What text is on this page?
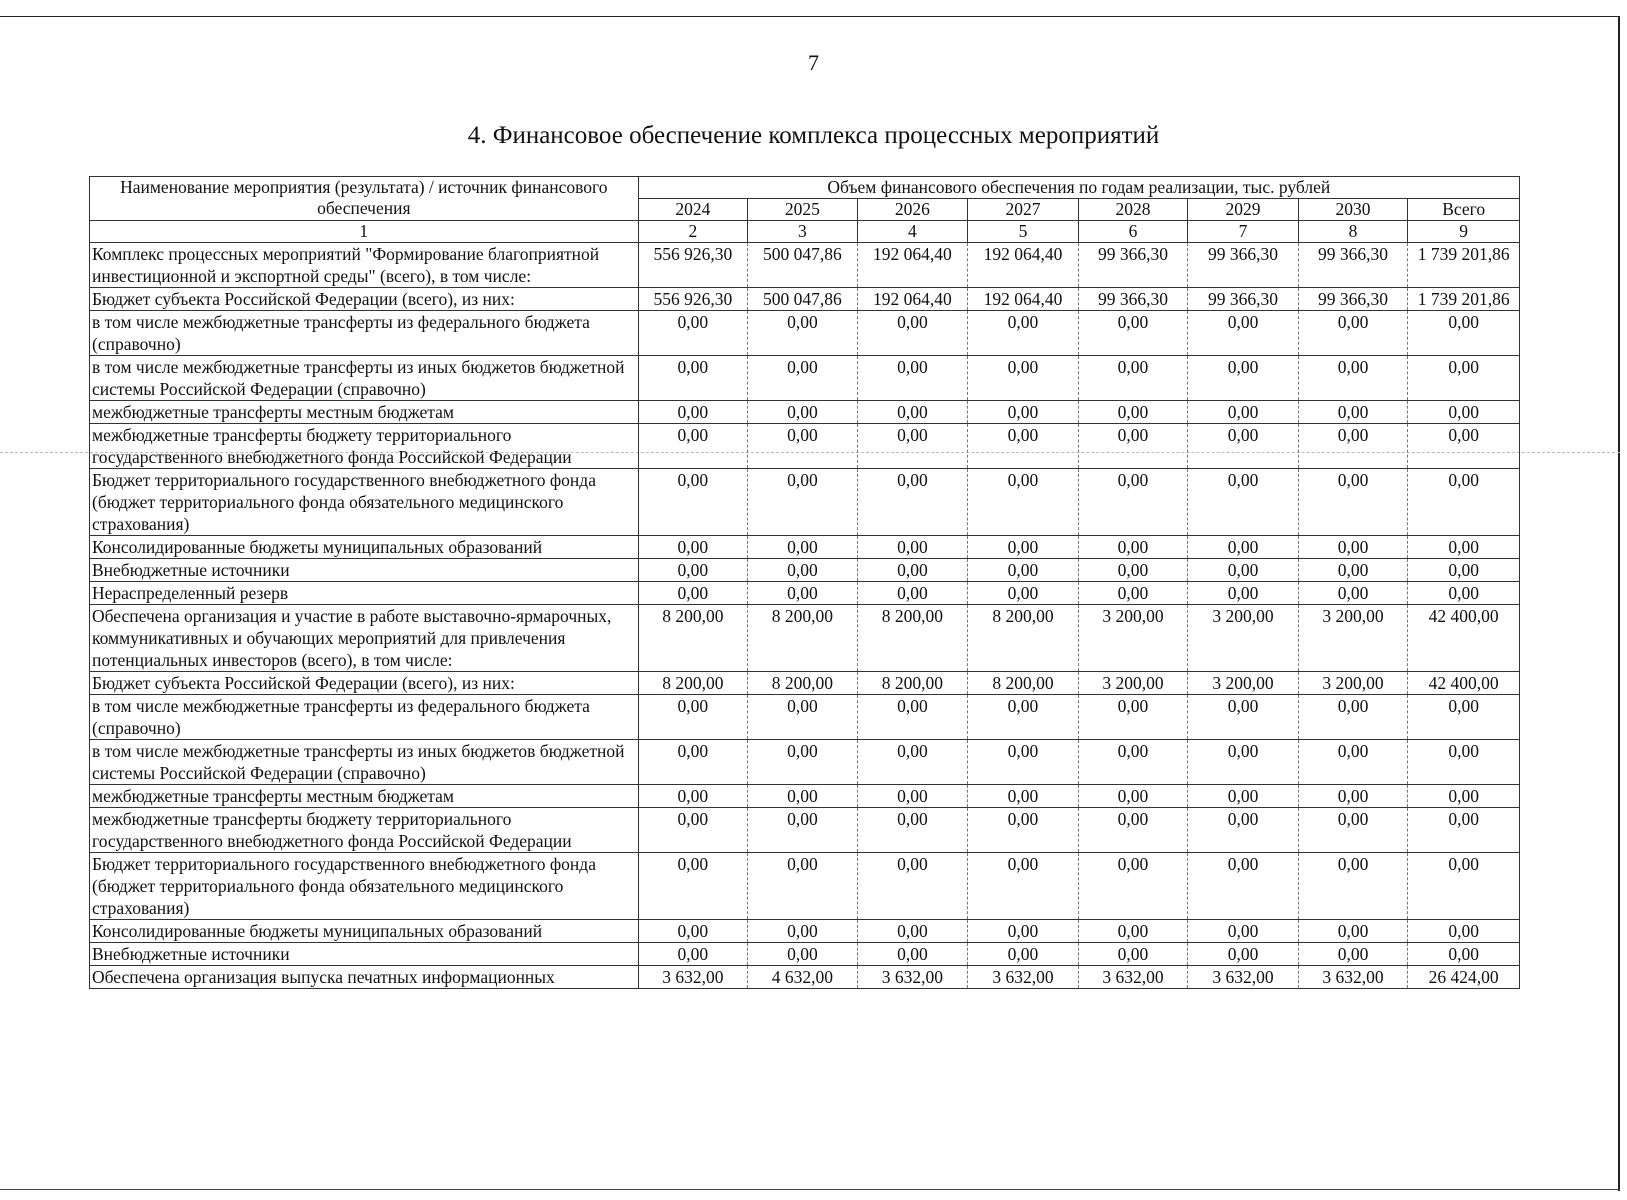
7
4. Финансовое обеспечение комплекса процессных мероприятий
Наименование мероприятия (результата) / источник финансового обеспечения	Объем финансового обеспечения по годам реализации, тыс. рублей							
	2024	2025	2026	2027	2028	2029	2030	Всего
1	2	3	4	5	6	7	8	9
Комплекс процессных мероприятий "Формирование благоприятной инвестиционной и экспортной среды" (всего), в том числе:	556 926,30	500 047,86	192 064,40	192 064,40	99 366,30	99 366,30	99 366,30	1 739 201,86
Бюджет субъекта Российской Федерации (всего), из них:	556 926,30	500 047,86	192 064,40	192 064,40	99 366,30	99 366,30	99 366,30	1 739 201,86
в том числе межбюджетные трансферты из федерального бюджета (справочно)	0,00	0,00	0,00	0,00	0,00	0,00	0,00	0,00
в том числе межбюджетные трансферты из иных бюджетов бюджетной системы Российской Федерации (справочно)	0,00	0,00	0,00	0,00	0,00	0,00	0,00	0,00
межбюджетные трансферты местным бюджетам	0,00	0,00	0,00	0,00	0,00	0,00	0,00	0,00
межбюджетные трансферты бюджету территориального государственного внебюджетного фонда Российской Федерации	0,00	0,00	0,00	0,00	0,00	0,00	0,00	0,00
Бюджет территориального государственного внебюджетного фонда (бюджет территориального фонда обязательного медицинского страхования)	0,00	0,00	0,00	0,00	0,00	0,00	0,00	0,00
Консолидированные бюджеты муниципальных образований	0,00	0,00	0,00	0,00	0,00	0,00	0,00	0,00
Внебюджетные источники	0,00	0,00	0,00	0,00	0,00	0,00	0,00	0,00
Нераспределенный резерв	0,00	0,00	0,00	0,00	0,00	0,00	0,00	0,00
Обеспечена организация и участие в работе выставочно-ярмарочных, коммуникативных и обучающих мероприятий для привлечения потенциальных инвесторов (всего), в том числе:	8 200,00	8 200,00	8 200,00	8 200,00	3 200,00	3 200,00	3 200,00	42 400,00
Бюджет субъекта Российской Федерации (всего), из них:	8 200,00	8 200,00	8 200,00	8 200,00	3 200,00	3 200,00	3 200,00	42 400,00
в том числе межбюджетные трансферты из федерального бюджета (справочно)	0,00	0,00	0,00	0,00	0,00	0,00	0,00	0,00
в том числе межбюджетные трансферты из иных бюджетов бюджетной системы Российской Федерации (справочно)	0,00	0,00	0,00	0,00	0,00	0,00	0,00	0,00
межбюджетные трансферты местным бюджетам	0,00	0,00	0,00	0,00	0,00	0,00	0,00	0,00
межбюджетные трансферты бюджету территориального государственного внебюджетного фонда Российской Федерации	0,00	0,00	0,00	0,00	0,00	0,00	0,00	0,00
Бюджет территориального государственного внебюджетного фонда (бюджет территориального фонда обязательного медицинского страхования)	0,00	0,00	0,00	0,00	0,00	0,00	0,00	0,00
Консолидированные бюджеты муниципальных образований	0,00	0,00	0,00	0,00	0,00	0,00	0,00	0,00
Внебюджетные источники	0,00	0,00	0,00	0,00	0,00	0,00	0,00	0,00
Обеспечена организация выпуска печатных информационных	3 632,00	4 632,00	3 632,00	3 632,00	3 632,00	3 632,00	3 632,00	26 424,00
